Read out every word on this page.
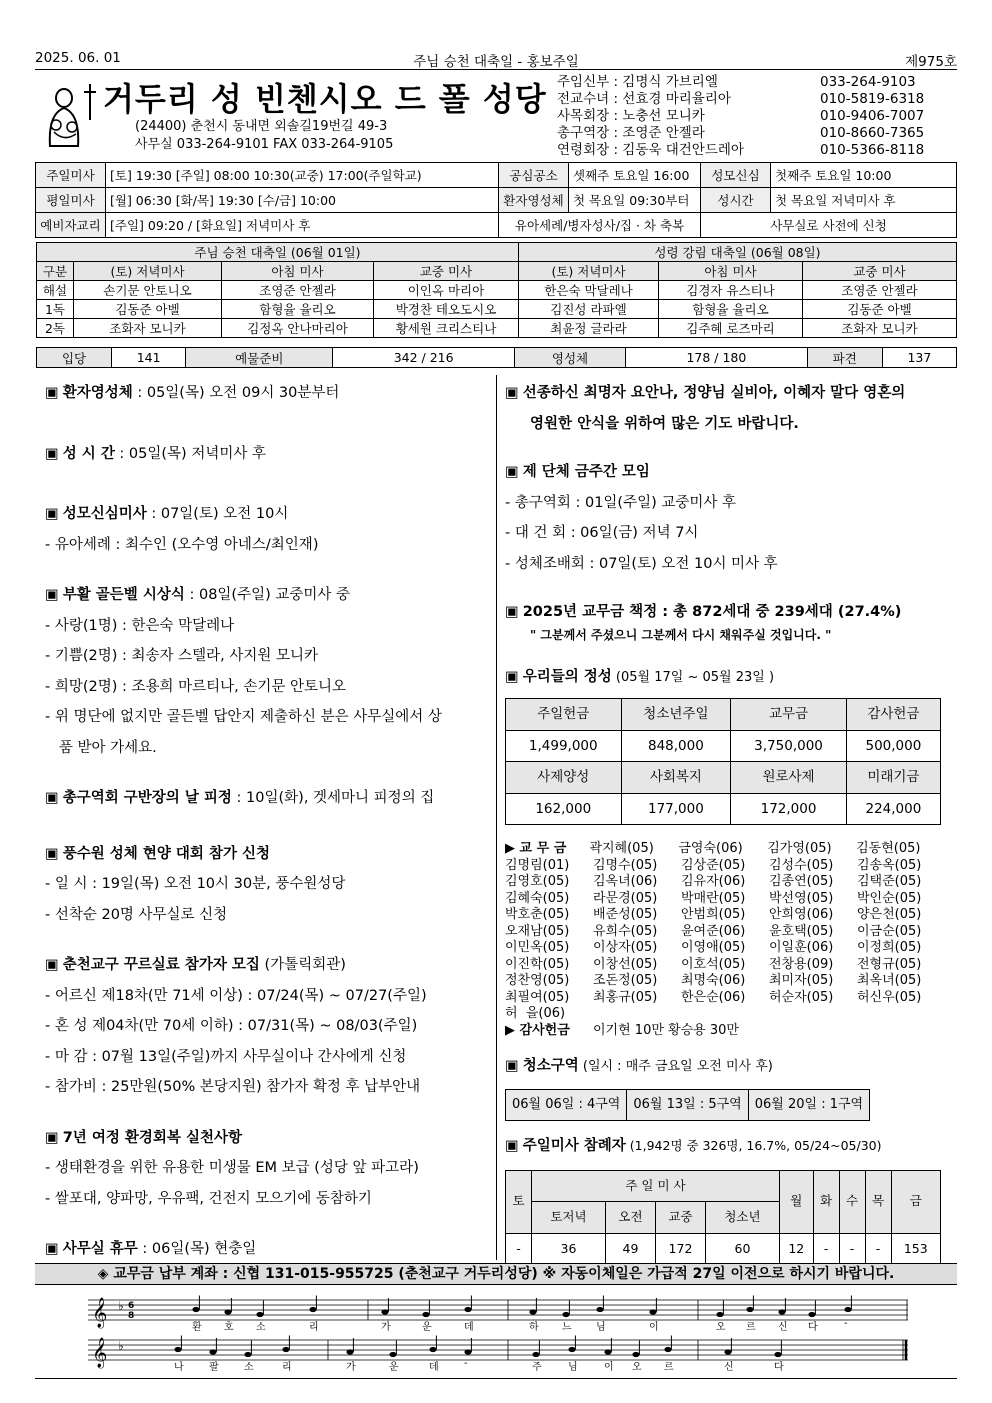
2025. 06. 01	주님 승천 대축일 - 홍보주일	제975호
거두리 성 빈첸시오 드 폴 성당
(24400) 춘천시 동내면 외솔길19번길 49-3
사무실 033-264-9101 FAX 033-264-9105
주임신부 : 김명식 가브리엘	033-264-9103
전교수녀 : 선효경 마리율리아	010-5819-6318
사목회장 : 노충선 모니카	010-9406-7007
총구역장 : 조영준 안젤라	010-8660-7365
연령회장 : 김동욱 대건안드레아	010-5366-8118
주일미사	[토] 19:30 [주일] 08:00 10:30(교중) 17:00(주일학교)	공심공소	셋째주 토요일 16:00	성모신심	첫째주 토요일 10:00
평일미사	[월] 06:30 [화/목] 19:30 [수/금] 10:00	환자영성체	첫 목요일 09:30부터	성시간	첫 목요일 저녁미사 후
예비자교리	[주일] 09:20 / [화요일] 저녁미사 후	유아세례/병자성사/집 · 차 축복		사무실로 사전에 신청	
주님 승천 대축일 (06월 01일)				성령 강림 대축일 (06월 08일)		
구분	(토) 저녁미사	아침 미사	교중 미사	(토) 저녁미사	아침 미사	교중 미사
해설	손기문 안토니오	조영준 안젤라	이인옥 마리아	한은숙 막달레나	김경자 유스티나	조영준 안젤라
1독	김동준 아벨	함형율 율리오	박경찬 테오도시오	김진성 라파엘	함형율 율리오	김동준 아벨
2독	조화자 모니카	김정옥 안나마리아	황세원 크리스티나	최윤정 글라라	김주혜 로즈마리	조화자 모니카
입당	141	예물준비	342 / 216	영성체	178 / 180	파견	137
▣ 환자영성체 : 05일(목) 오전 09시 30분부터
▣ 성 시 간 : 05일(목) 저녁미사 후
▣ 성모신심미사 : 07일(토) 오전 10시
- 유아세례 : 최수인 (오수영 아네스/최인재)
▣ 부활 골든벨 시상식 : 08일(주일) 교중미사 중
- 사랑(1명) : 한은숙 막달레나
- 기쁨(2명) : 최송자 스텔라, 사지원 모니카
- 희망(2명) : 조용희 마르티나, 손기문 안토니오
- 위 명단에 없지만 골든벨 답안지 제출하신 분은 사무실에서 상
품 받아 가세요.
▣ 총구역회 구반장의 날 피정 : 10일(화), 겟세마니 피정의 집
▣ 풍수원 성체 현양 대회 참가 신청
- 일 시 : 19일(목) 오전 10시 30분, 풍수원성당
- 선착순 20명 사무실로 신청
▣ 춘천교구 꾸르실료 참가자 모집 (가톨릭회관)
- 어르신 제18차(만 71세 이상) : 07/24(목) ~ 07/27(주일)
- 혼 성 제04차(만 70세 이하) : 07/31(목) ~ 08/03(주일)
- 마 감 : 07월 13일(주일)까지 사무실이나 간사에게 신청
- 참가비 : 25만원(50% 본당지원) 참가자 확정 후 납부안내
▣ 7년 여정 환경회복 실천사항
- 생태환경을 위한 유용한 미생물 EM 보급 (성당 앞 파고라)
- 쌀포대, 양파망, 우유팩, 건전지 모으기에 동참하기
▣ 사무실 휴무 : 06일(목) 현충일
▣ 선종하신 최명자 요안나, 정양님 실비아, 이혜자 말다 영혼의
영원한 안식을 위하여 많은 기도 바랍니다.
▣ 제 단체 금주간 모임
- 총구역회 : 01일(주일) 교중미사 후
- 대 건 회 : 06일(금) 저녁 7시
- 성체조배회 : 07일(토) 오전 10시 미사 후
▣ 2025년 교무금 책정 : 총 872세대 중 239세대 (27.4%)
" 그분께서 주셨으니 그분께서 다시 채워주실 것입니다. "
▣ 우리들의 정성 (05월 17일 ~ 05월 23일 )
주일헌금	청소년주일	교무금	감사헌금
1,499,000	848,000	3,750,000	500,000
사제양성	사회복지	원로사제	미래기금
162,000	177,000	172,000	224,000
▶ 교 무 금	곽지혜(05)	금영숙(06)	김가영(05)	김동현(05)
김명림(01)	김명수(05)	김상준(05)	김성수(05)	김송옥(05)
김영호(05)	김옥녀(06)	김유자(06)	김종연(05)	김택준(05)
김혜숙(05)	라문경(05)	박매란(05)	박선영(05)	박인순(05)
박호춘(05)	배준성(05)	안범희(05)	안희영(06)	양은천(05)
오재남(05)	유희수(05)	윤여준(06)	윤호택(05)	이금순(05)
이민옥(05)	이상자(05)	이영애(05)	이일훈(06)	이정희(05)
이진학(05)	이창선(05)	이호석(05)	전창용(09)	전형규(05)
정찬영(05)	조돈정(05)	최명숙(06)	최미자(05)	최옥녀(05)
최필여(05)	최홍규(05)	한은순(06)	허순자(05)	허신우(05)
허  을(06)
▶ 감사헌금	이기현 10만 황승용 30만
▣ 청소구역 (일시 : 매주 금요일 오전 미사 후)
06월 06일 : 4구역	06월 13일 : 5구역	06월 20일 : 1구역
▣ 주일미사 참례자 (1,942명 중 326명, 16.7%, 05/24~05/30)
토	주 일 미 사				월	화	수	목	금
	토저녁	오전	교중	청소년					
-	36	49	172	60	12	-	-	-	153
◈ 교무금 납부 계좌 : 신협 131-015-955725 (춘천교구 거두리성당) ※ 자동이체일은 가급적 27일 이전으로 하시기 바랍니다.
𝄞
𝄞
♭
♭
6
8
환 호 소	리	가	운	데	하 느 님	이	오 르 신 다	-
나	팔	소	리	가	운	데	-	주	님	이 오 르	신	다
